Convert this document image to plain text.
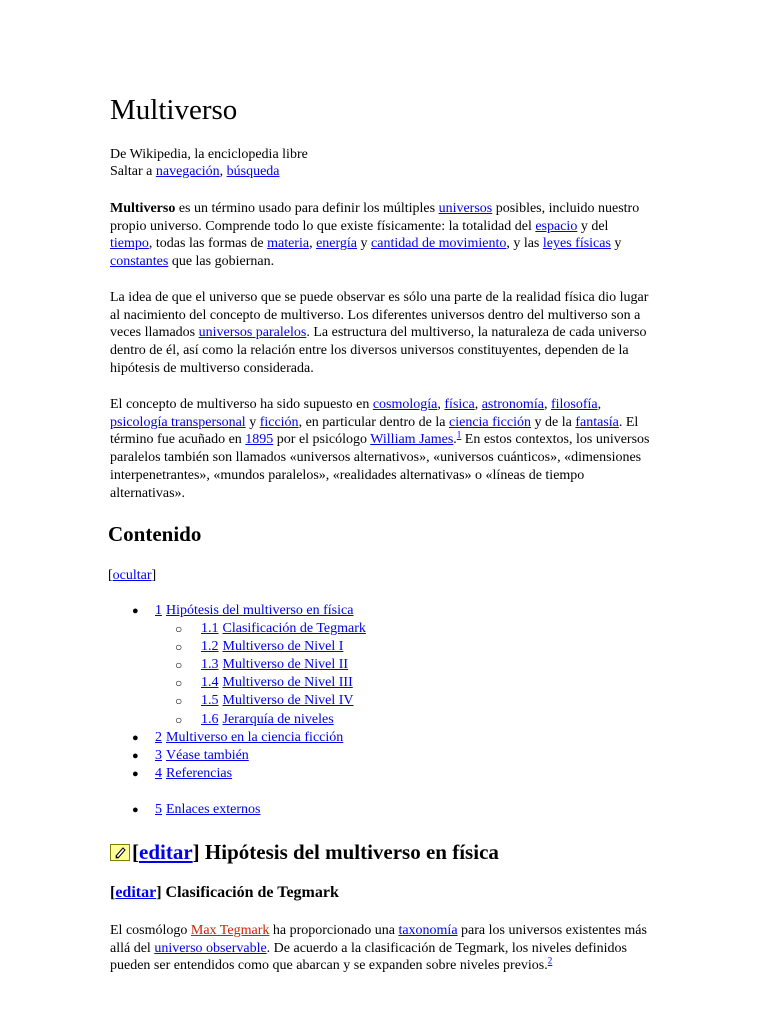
Multiverso
De Wikipedia, la enciclopedia libre
Saltar a navegación, búsqueda

Multiverso es un término usado para definir los múltiples universos posibles, incluido nuestro propio universo. Comprende todo lo que existe físicamente: la totalidad del espacio y del tiempo, todas las formas de materia, energía y cantidad de movimiento, y las leyes físicas y constantes que las gobiernan.

La idea de que el universo que se puede observar es sólo una parte de la realidad física dio lugar al nacimiento del concepto de multiverso. Los diferentes universos dentro del multiverso son a veces llamados universos paralelos. La estructura del multiverso, la naturaleza de cada universo dentro de él, así como la relación entre los diversos universos constituyentes, dependen de la hipótesis de multiverso considerada.

El concepto de multiverso ha sido supuesto en cosmología, física, astronomía, filosofía, psicología transpersonal y ficción, en particular dentro de la ciencia ficción y de la fantasía. El término fue acuñado en 1895 por el psicólogo William James.$^1$ En estos contextos, los universos paralelos también son llamados «universos alternativos», «universos cuánticos», «dimensiones interpenetrantes», «mundos paralelos», «realidades alternativas» o «líneas de tiempo alternativas».

Contenido
[ocultar]
● 1 Hipótesis del multiverso en física
○ 1.1 Clasificación de Tegmark
○ 1.2 Multiverso de Nivel I
○ 1.3 Multiverso de Nivel II
○ 1.4 Multiverso de Nivel III
○ 1.5 Multiverso de Nivel IV
○ 1.6 Jerarquía de niveles
● 2 Multiverso en la ciencia ficción
● 3 Véase también
● 4 Referencias
● 5 Enlaces externos
[editar] Hipótesis del multiverso en física
[editar] Clasificación de Tegmark

El cosmólogo Max Tegmark ha proporcionado una taxonomía para los universos existentes más allá del universo observable. De acuerdo a la clasificación de Tegmark, los niveles definidos pueden ser entendidos como que abarcan y se expanden sobre niveles previos.$^2$
